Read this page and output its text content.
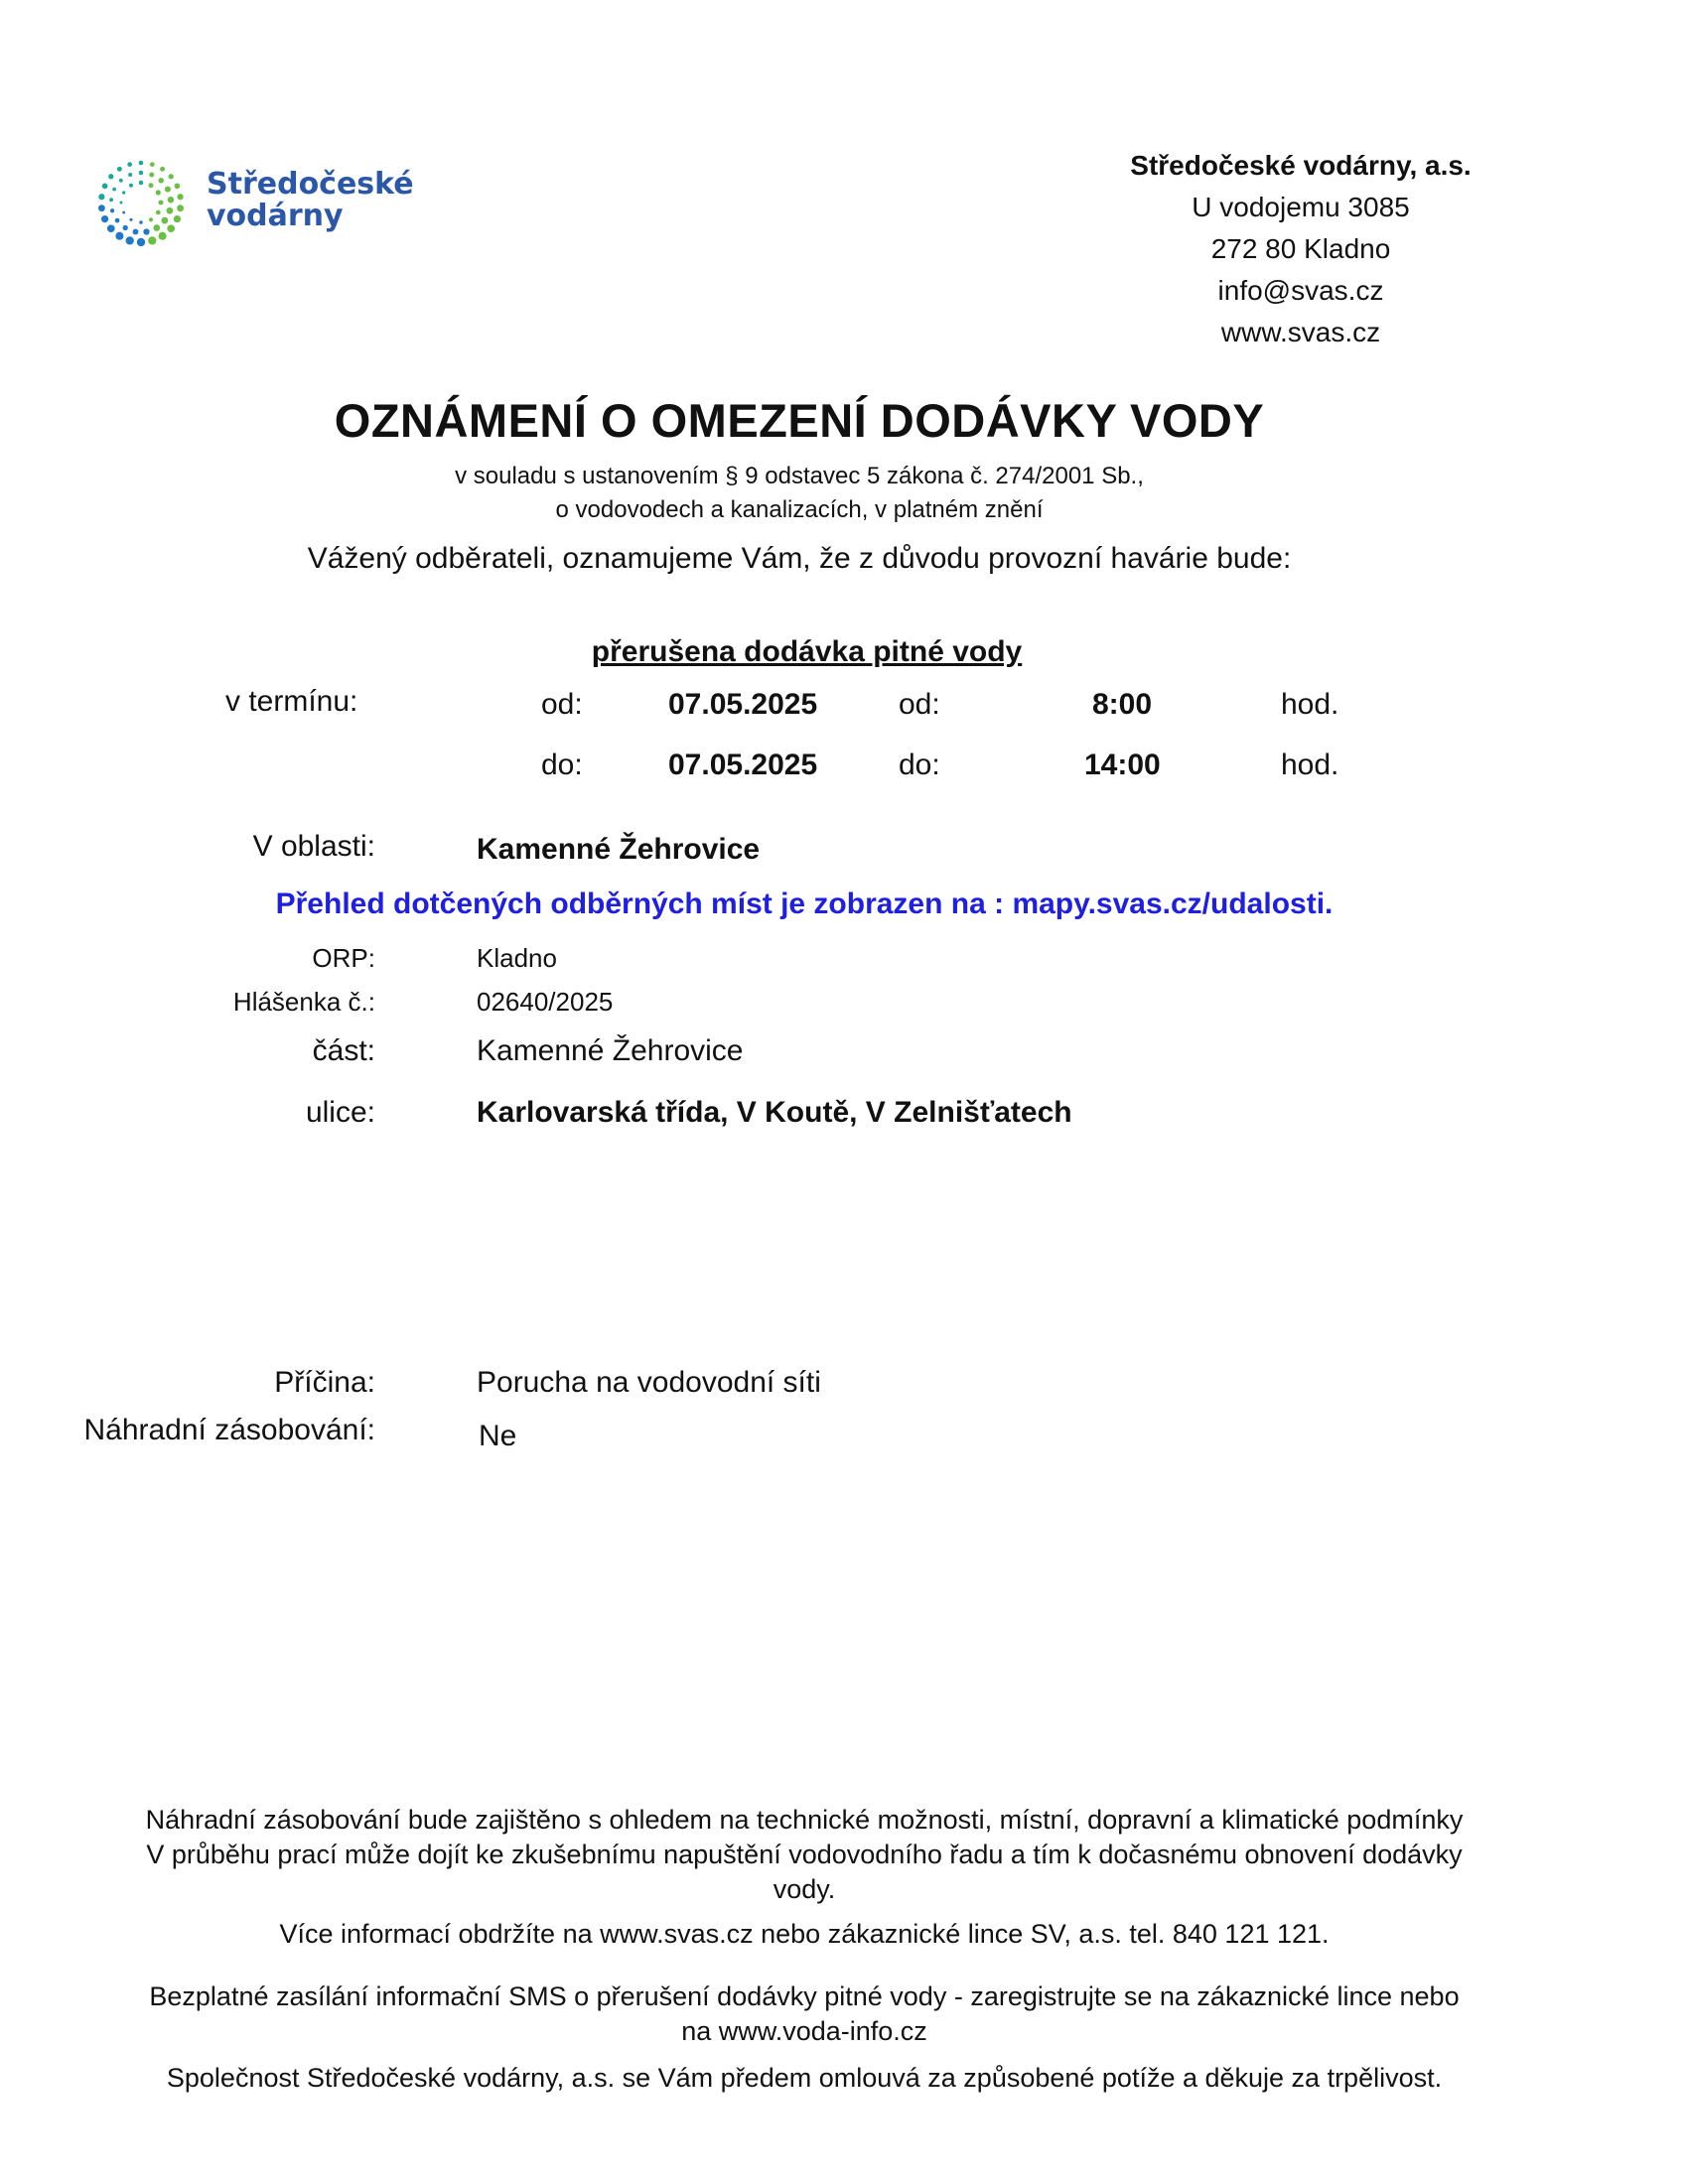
Středočeské
vodárny
Středočeské vodárny, a.s.
U vodojemu 3085
272 80 Kladno
info@svas.cz
www.svas.cz
OZNÁMENÍ O OMEZENÍ DODÁVKY VODY
v souladu s ustanovením § 9 odstavec 5 zákona č. 274/2001 Sb.,
o vodovodech a kanalizacích, v platném znění
Vážený odběrateli, oznamujeme Vám, že z důvodu provozní havárie bude:
přerušena dodávka pitné vody
v termínu:	od:	07.05.2025	od:	8:00	hod.
do:	07.05.2025	do:	14:00	hod.
V oblasti:	Kamenné Žehrovice
Přehled dotčených odběrných míst je zobrazen na : mapy.svas.cz/udalosti.
ORP:	Kladno
Hlášenka č.:	02640/2025
část:	Kamenné Žehrovice
ulice:	Karlovarská třída, V Koutě, V Zelnišťatech
Příčina:	Porucha na vodovodní síti
Náhradní zásobování:	Ne
Náhradní zásobování bude zajištěno s ohledem na technické možnosti, místní, dopravní a klimatické podmínky
V průběhu prací může dojít ke zkušebnímu napuštění vodovodního řadu a tím k dočasnému obnovení dodávky
vody.
Více informací obdržíte na www.svas.cz nebo zákaznické lince SV, a.s. tel. 840 121 121.
Bezplatné zasílání informační SMS o přerušení dodávky pitné vody - zaregistrujte se na zákaznické lince nebo
na www.voda-info.cz
Společnost Středočeské vodárny, a.s. se Vám předem omlouvá za způsobené potíže a děkuje za trpělivost.
